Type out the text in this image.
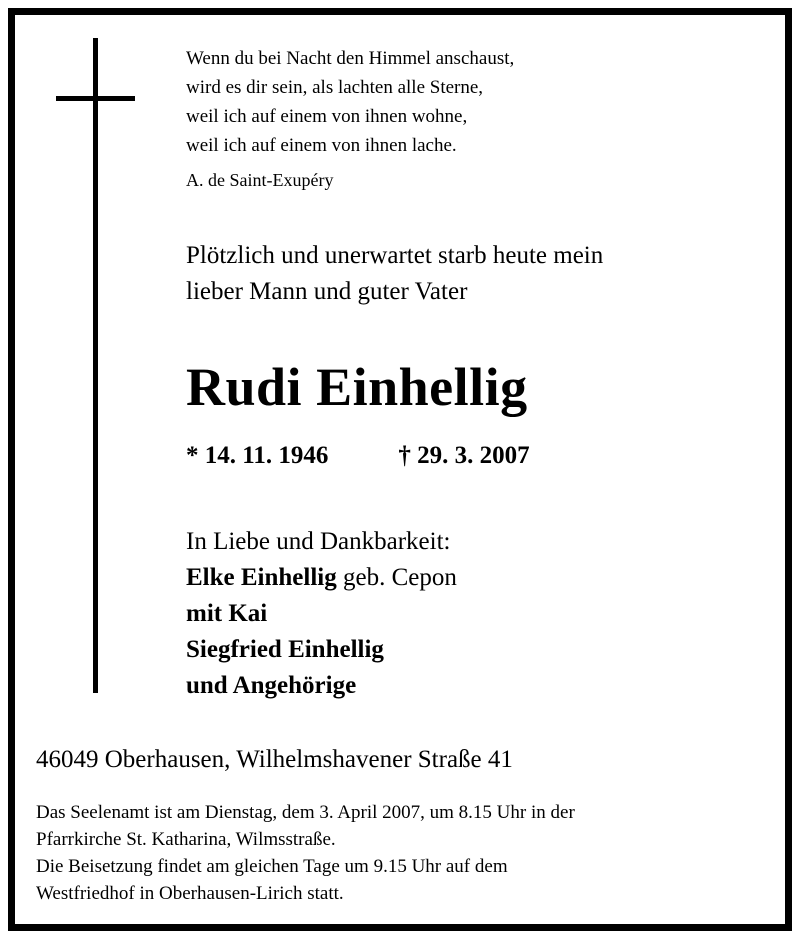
Wenn du bei Nacht den Himmel anschaust,
wird es dir sein, als lachten alle Sterne,
weil ich auf einem von ihnen wohne,
weil ich auf einem von ihnen lache.
A. de Saint-Exupéry
Plötzlich und unerwartet starb heute mein
lieber Mann und guter Vater
Rudi Einhellig
* 14. 11. 1946	† 29. 3. 2007
In Liebe und Dankbarkeit:
Elke Einhellig geb. Cepon
mit Kai
Siegfried Einhellig
und Angehörige
46049 Oberhausen, Wilhelmshavener Straße 41
Das Seelenamt ist am Dienstag, dem 3. April 2007, um 8.15 Uhr in der
Pfarrkirche St. Katharina, Wilmsstraße.
Die Beisetzung findet am gleichen Tage um 9.15 Uhr auf dem
Westfriedhof in Oberhausen-Lirich statt.
